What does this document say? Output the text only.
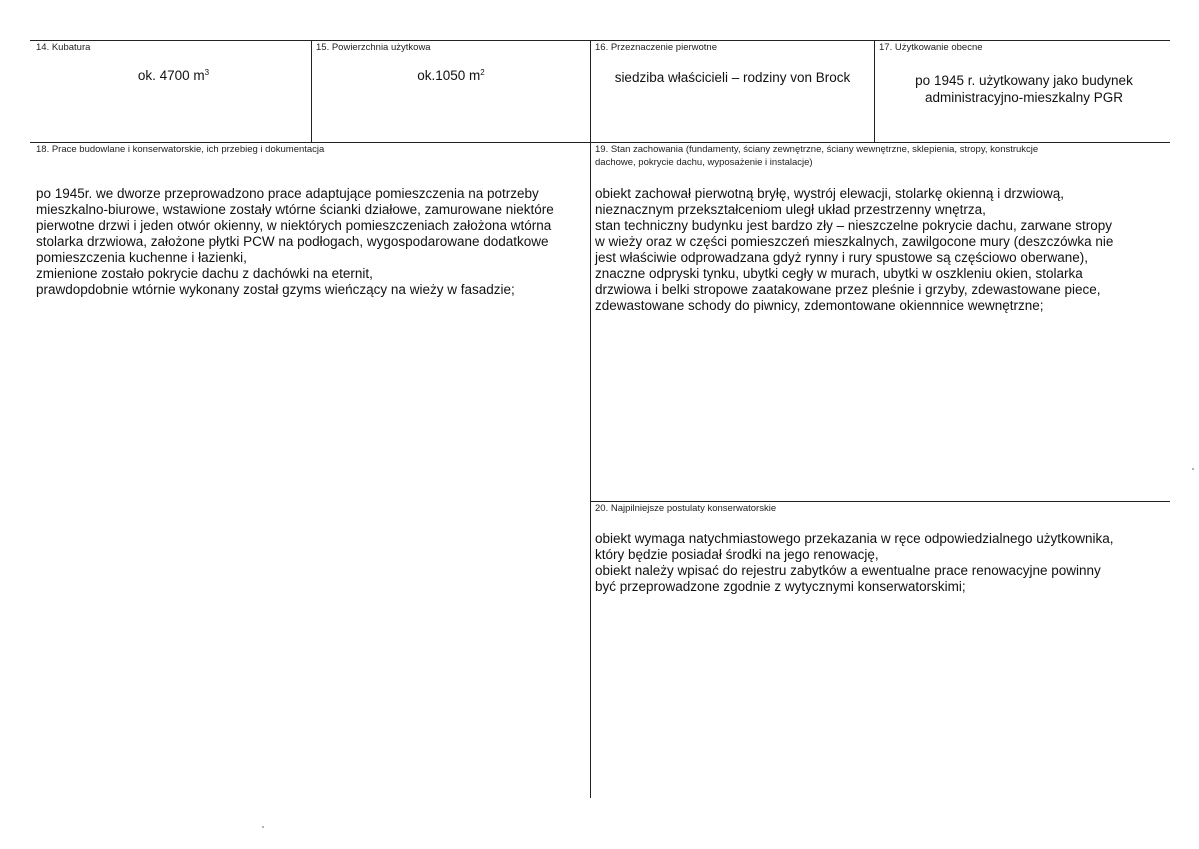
14. Kubatura
ok. 4700 $m^3$
15. Powierzchnia użytkowa
ok.1050 $m^2$
16. Przeznaczenie pierwotne
siedziba właścicieli – rodziny von Brock
17. Użytkowanie obecne
po 1945 r. użytkowany jako budynek
administracyjno-mieszkalny PGR
18. Prace budowlane i konserwatorskie, ich przebieg i dokumentacja

po 1945r. we dworze przeprowadzono prace adaptujące pomieszczenia na potrzeby

mieszkalno-biurowe, wstawione zostały wtórne ścianki działowe, zamurowane niektóre

pierwotne drzwi i jeden otwór okienny, w niektórych pomieszczeniach założona wtórna

stolarka drzwiowa, założone płytki PCW na podłogach, wygospodarowane dodatkowe

pomieszczenia kuchenne i łazienki,

zmienione zostało pokrycie dachu z dachówki na eternit,

prawdopdobnie wtórnie wykonany został gzyms wieńczący na wieży w fasadzie;

19. Stan zachowania (fundamenty, ściany zewnętrzne, ściany wewnętrzne, sklepienia, stropy, konstrukcje
dachowe, pokrycie dachu, wyposażenie i instalacje)

obiekt zachował pierwotną bryłę, wystrój elewacji, stolarkę okienną i drzwiową,

nieznacznym przekształceniom uległ układ przestrzenny wnętrza,

stan techniczny budynku jest bardzo zły – nieszczelne pokrycie dachu, zarwane stropy

w wieży oraz w części pomieszczeń mieszkalnych, zawilgocone mury (deszczówka nie

jest właściwie odprowadzana gdyż rynny i rury spustowe są częściowo oberwane),

znaczne odpryski tynku, ubytki cegły w murach, ubytki w oszkleniu okien, stolarka

drzwiowa i belki stropowe zaatakowane przez pleśnie i grzyby, zdewastowane piece,

zdewastowane schody do piwnicy, zdemontowane okiennnice wewnętrzne;

20. Najpilniejsze postulaty konserwatorskie

obiekt wymaga natychmiastowego przekazania w ręce odpowiedzialnego użytkownika,

który będzie posiadał środki na jego renowację,

obiekt należy wpisać do rejestru zabytków a ewentualne prace renowacyjne powinny

być przeprowadzone zgodnie z wytycznymi konserwatorskimi;
